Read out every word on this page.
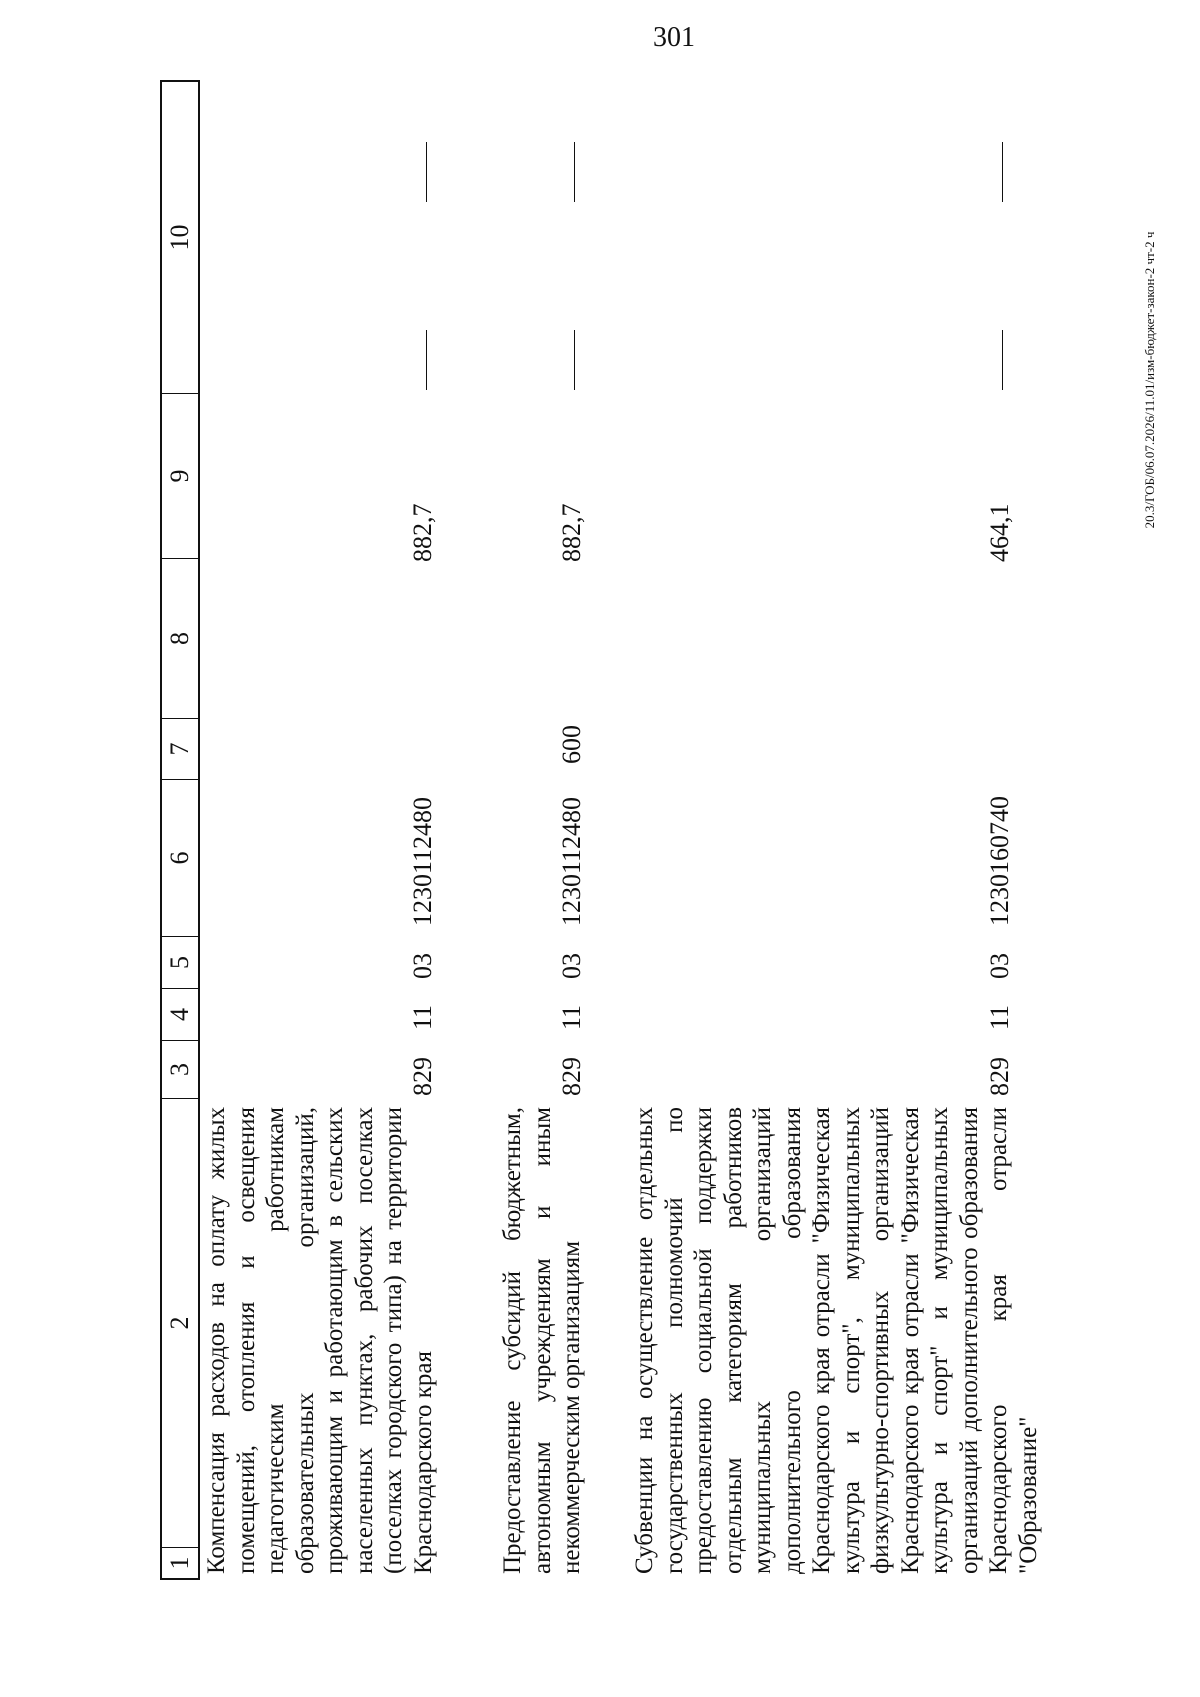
301
20.3/ГОБ/06.07.2026/11.01/изм-бюджет-закон-2 чт-2 ч
1
2
3
4
5
6
7
8
9
10
Компенсация расходов на оплату жилых помещений, отопления и освещения педагогическим работникам образовательных организаций, проживающим и работающим в сельских населенных пунктах, рабочих поселках (поселках городского типа) на территории Краснодарского края
829
11
03
1230112480
882,7
Предоставление субсидий бюджетным, автономным учреждениям и иным некоммерческим организациям
829
11
03
1230112480
600
882,7
Субвенции на осуществление отдельных государственных полномочий по предоставлению социальной поддержки отдельным категориям работников муниципальных организаций дополнительного образования Краснодарского края отрасли "Физическая культура и спорт", муниципальных физкультурно-спортивных организаций Краснодарского края отрасли "Физическая культура и спорт" и муниципальных организаций дополнительного образования Краснодарского края отрасли "Образование"
829
11
03
1230160740
464,1
